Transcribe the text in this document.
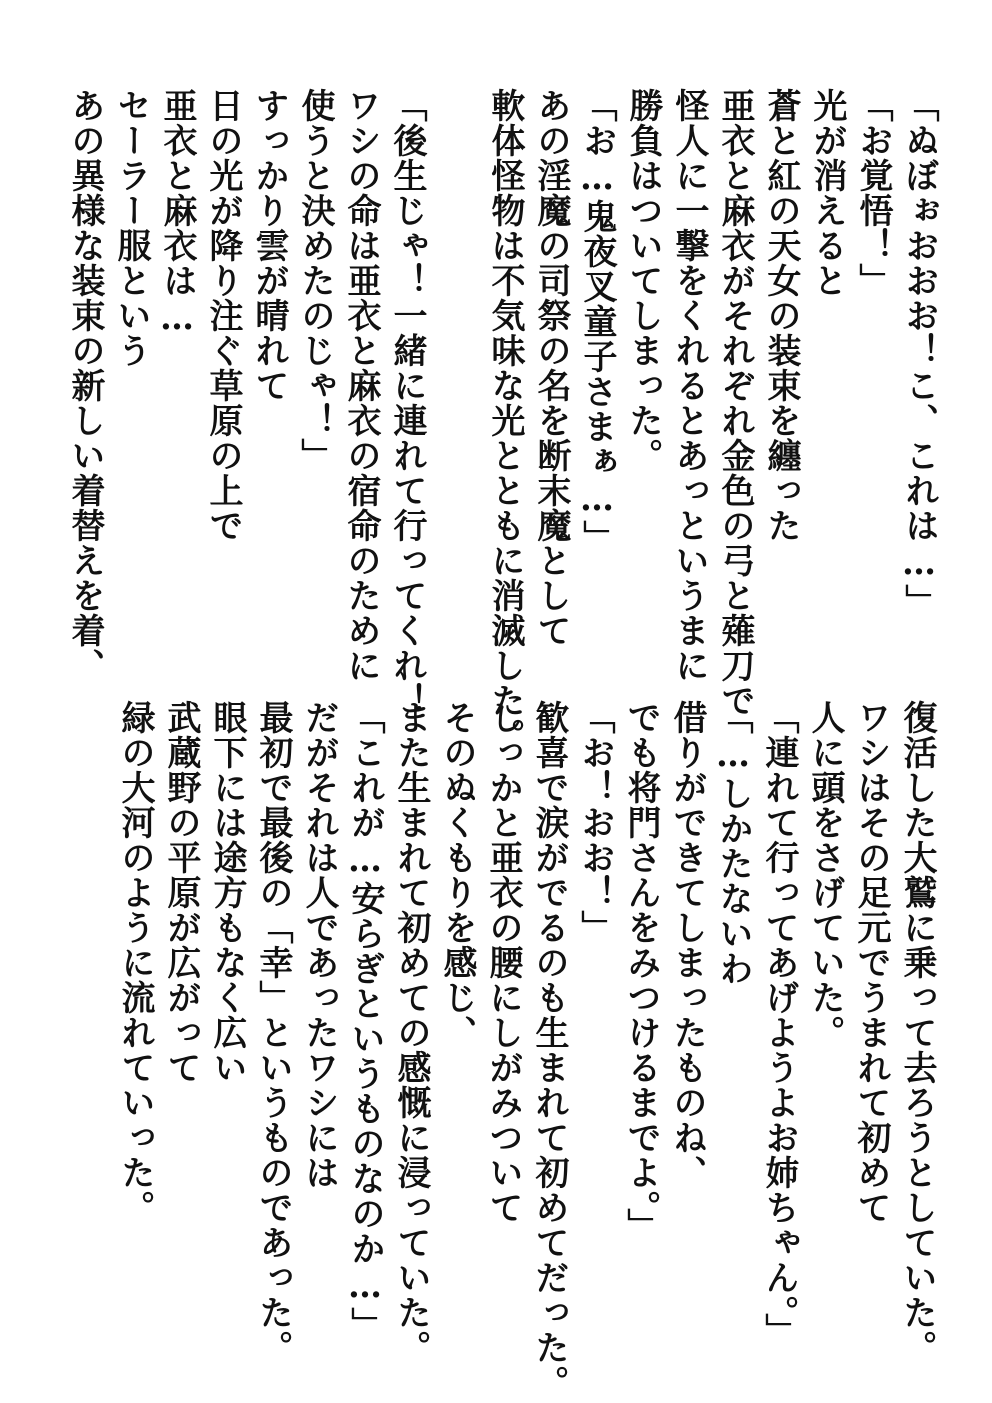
「ぬぼぉおおお！こ、これは…」
「お覚悟！」
光が消えると
蒼と紅の天女の装束を纏った
亜衣と麻衣がそれぞれ金色の弓と薙刀で
怪人に一撃をくれるとあっというまに
勝負はついてしまった。
「お…鬼夜叉童子さまぁ…」
あの淫魔の司祭の名を断末魔として
軟体怪物は不気味な光とともに消滅した。
「後生じゃ！一緒に連れて行ってくれ！
ワシの命は亜衣と麻衣の宿命のために
使うと決めたのじゃ！」
すっかり雲が晴れて
日の光が降り注ぐ草原の上で
亜衣と麻衣は…
セーラー服という
あの異様な装束の新しい着替えを着、
復活した大鷲に乗って去ろうとしていた。
ワシはその足元でうまれて初めて
人に頭をさげていた。
「連れて行ってあげようよお姉ちゃん。」
「…しかたないわ
借りができてしまったものね、
でも将門さんをみつけるまでよ。」
「お！おお！」
歓喜で涙がでるのも生まれて初めてだった。
しっかと亜衣の腰にしがみついて
そのぬくもりを感じ、
また生まれて初めての感慨に浸っていた。
「これが…安らぎというものなのか…」
だがそれは人であったワシには
最初で最後の「幸」というものであった。
眼下には途方もなく広い
武蔵野の平原が広がって
緑の大河のように流れていった。
